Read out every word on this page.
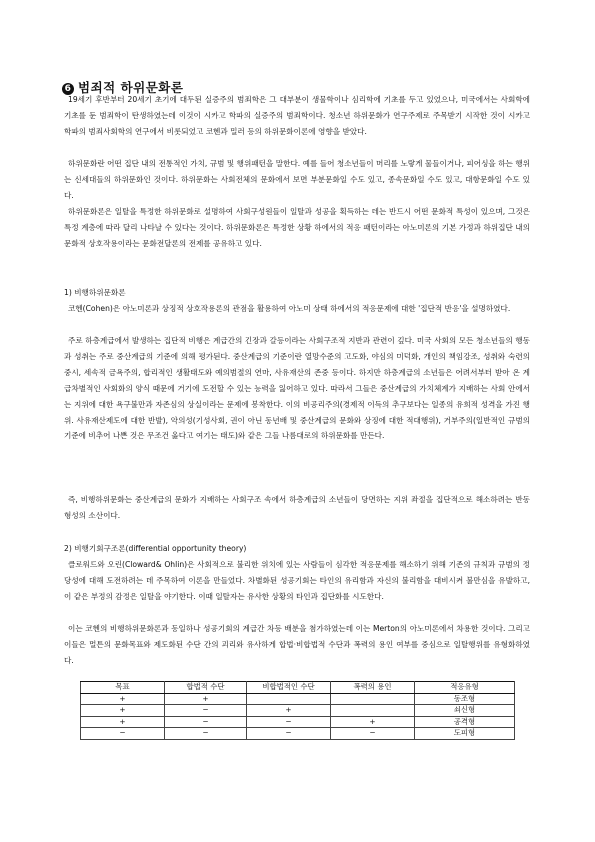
6 범죄적 하위문화론

19세기 후반부터 20세기 초기에 대두된 실증주의 범죄학은 그 대부분이 생물학이나 심리학에 기초를 두고 있었으나, 미국에서는 사회학에 기초를 둔 범죄학이 탄생하였는데 이것이 시카고 학파의 실증주의 범죄학이다. 청소년 하위문화가 연구주제로 주목받기 시작한 것이 시카고 학파의 범죄사회학의 연구에서 비롯되었고 코헨과 밀러 등의 하위문화이론에 영향을 받았다.

하위문화란 어떤 집단 내의 전통적인 가치, 규범 및 행위패턴을 말한다. 예를 들어 청소년들이 머리를 노랗게 물들이거나, 피어싱을 하는 행위는 신세대들의 하위문화인 것이다. 하위문화는 사회전체의 문화에서 보면 부분문화일 수도 있고, 종속문화일 수도 있고, 대항문화일 수도 있다.

하위문화론은 일탈을 특정한 하위문화로 설명하여 사회구성원들이 일탈과 성공을 획득하는 데는 반드시 어떤 문화적 특성이 있으며, 그것은 특정 계층에 따라 달리 나타날 수 있다는 것이다. 하위문화론은 특정한 상황 하에서의 적응 패턴이라는 아노미론의 기본 가정과 하위집단 내의 문화적 상호작용이라는 문화전달론의 전제를 공유하고 있다.

1) 비행하위문화론

코헨(Cohen)은 아노미론과 상징적 상호작용론의 관점을 활용하여 아노미 상태 하에서의 적응문제에 대한 '집단적 반응'을 설명하였다.

주로 하층계급에서 발생하는 집단적 비행은 계급간의 긴장과 갈등이라는 사회구조적 지반과 관련이 깊다. 미국 사회의 모든 청소년들의 행동과 성취는 주로 중산계급의 기준에 의해 평가된다. 중산계급의 기준이란 열망수준의 고도화, 야심의 미덕화, 개인의 책임강조, 성취와 숙련의 중시, 세속적 금욕주의, 합리적인 생활태도와 예의범절의 연마, 사유재산의 존중 등이다. 하지만 하층계급의 소년들은 어려서부터 받아 온 계급차별적인 사회화의 양식 때문에 거기에 도전할 수 있는 능력을 잃어하고 있다. 따라서 그들은 중산계급의 가치체계가 지배하는 사회 안에서는 지위에 대한 욕구불만과 자존심의 상실이라는 문제에 봉착한다. 이의 비공리주의(경제적 이득의 추구보다는 일종의 유희적 성격을 가진 행위. 사유재산제도에 대한 반발), 악의성(기성사회, 권이 아닌 동년배 및 중산계급의 문화와 상징에 대한 적대행위), 거부주의(일반적인 규범의 기준에 비추어 나쁜 것은 무조건 옳다고 여기는 태도)와 같은 그들 나름대로의 하위문화를 만든다.

즉, 비행하위문화는 중산계급의 문화가 지배하는 사회구조 속에서 하층계급의 소년들이 당면하는 지위 좌절을 집단적으로 해소하려는 반동 형성의 소산이다.

2) 비행기회구조론(differential opportunity theory)

클로워드와 오린(Cloward& Ohlin)은 사회적으로 불리한 위치에 있는 사람들이 심각한 적응문제를 해소하기 위해 기존의 규칙과 규범의 정당성에 대해 도전하려는 데 주목하여 이론을 만들었다. 차별화된 성공기회는 타인의 유리함과 자신의 불리함을 대비시켜 불만심을 유발하고, 이 같은 부정의 감정은 일탈을 야기한다. 이때 일탈자는 유사한 상황의 타인과 집단화를 시도한다.

이는 코헨의 비행하위문화론과 동일하나 성공기회의 계급간 차등 배분을 첨가하였는데 이는 Merton의 아노미론에서 차용한 것이다. 그리고 이들은 멀튼의 문화목표와 제도화된 수단 간의 괴리와 유사하게 합법·비합법적 수단과 폭력의 용인 여부를 중심으로 일탈행위를 유형화하였다.

목표	합법적 수단	비합법적인 수단	폭력의 용인	적응유형
+	+			동조형
+	−	+		쇠신형
+	−	−	+	공격형
−	−	−	−	도피형
